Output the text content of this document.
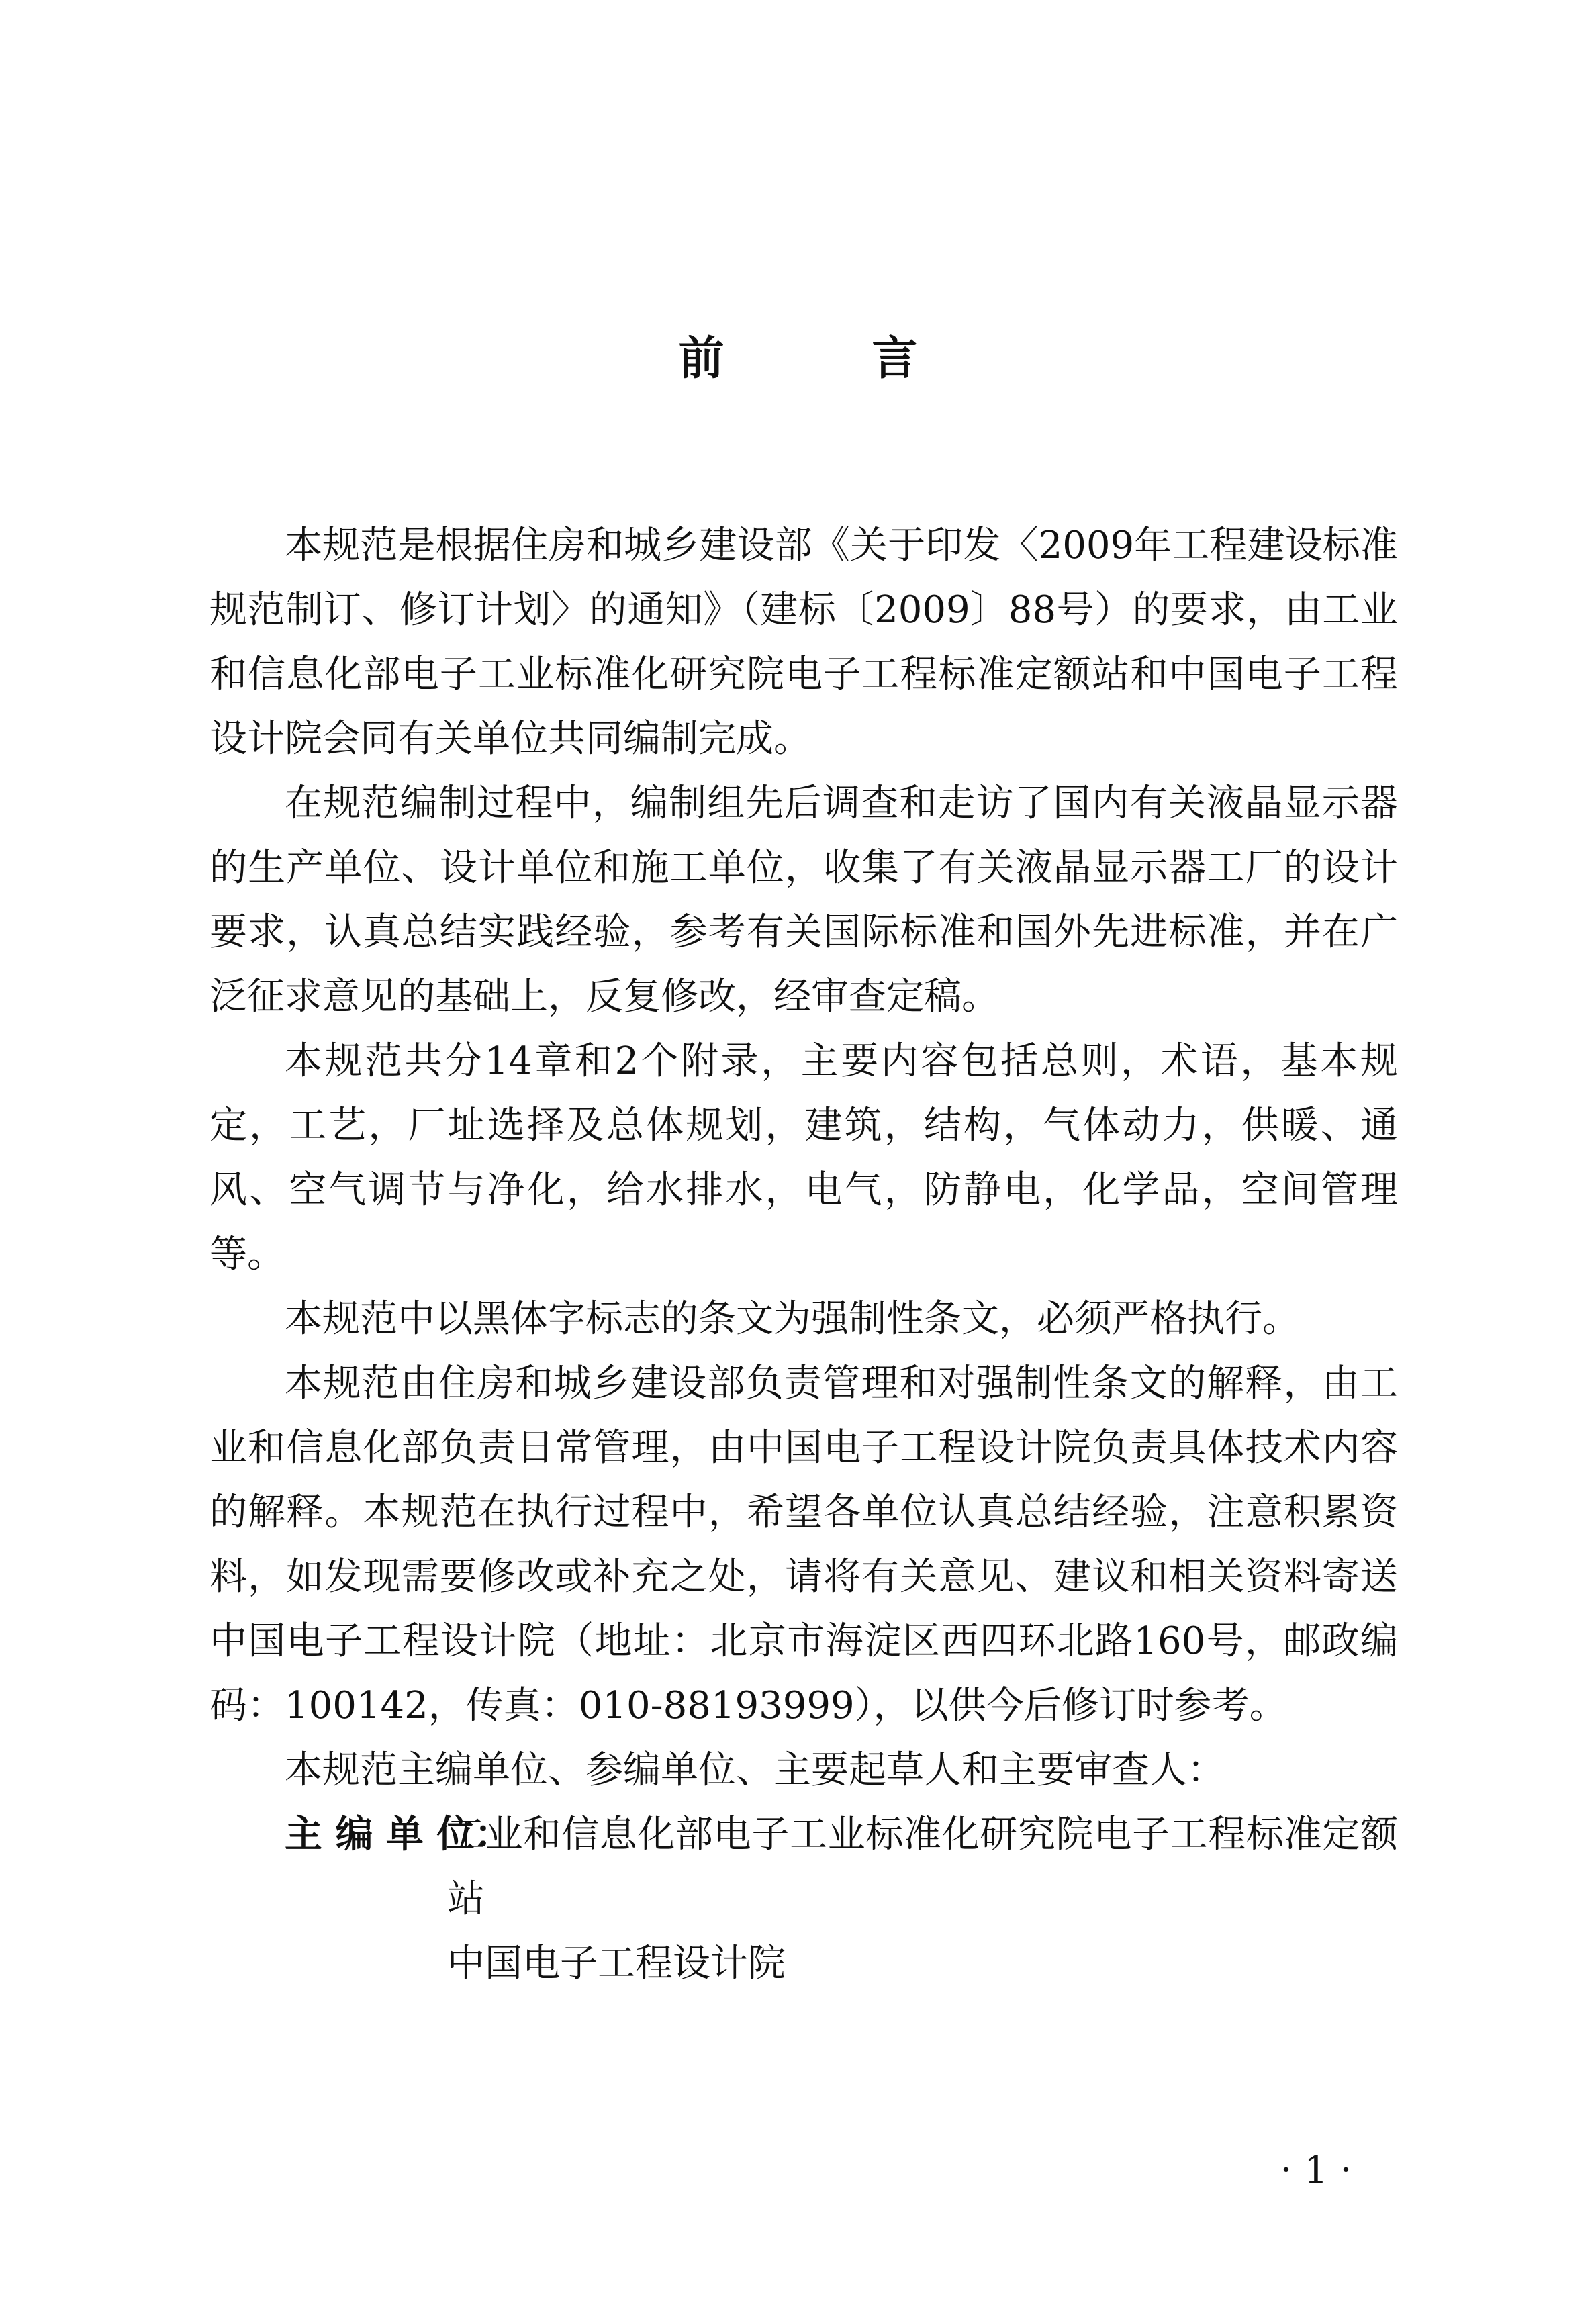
前	言

本规范是根据住房和城乡建设部《关于印发〈2009年工程建设标准规范制订、修订计划〉的通知》（建标〔2009〕88号）的要求，由工业和信息化部电子工业标准化研究院电子工程标准定额站和中国电子工程设计院会同有关单位共同编制完成。

在规范编制过程中，编制组先后调查和走访了国内有关液晶显示器的生产单位、设计单位和施工单位，收集了有关液晶显示器工厂的设计要求，认真总结实践经验，参考有关国际标准和国外先进标准，并在广泛征求意见的基础上，反复修改，经审查定稿。

本规范共分14章和2个附录，主要内容包括总则，术语，基本规定，工艺，厂址选择及总体规划，建筑，结构，气体动力，供暖、通风、空气调节与净化，给水排水，电气，防静电，化学品，空间管理等。

本规范中以黑体字标志的条文为强制性条文，必须严格执行。

本规范由住房和城乡建设部负责管理和对强制性条文的解释，由工业和信息化部负责日常管理，由中国电子工程设计院负责具体技术内容的解释。本规范在执行过程中，希望各单位认真总结经验，注意积累资料，如发现需要修改或补充之处，请将有关意见、建议和相关资料寄送中国电子工程设计院（地址：北京市海淀区西四环北路160号，邮政编码：100142，传真：010-88193999），以供今后修订时参考。

本规范主编单位、参编单位、主要起草人和主要审查人：

主 编 单 位：
工业和信息化部电子工业标准化研究院电子工程标准定额站
中国电子工程设计院
· 1 ·
